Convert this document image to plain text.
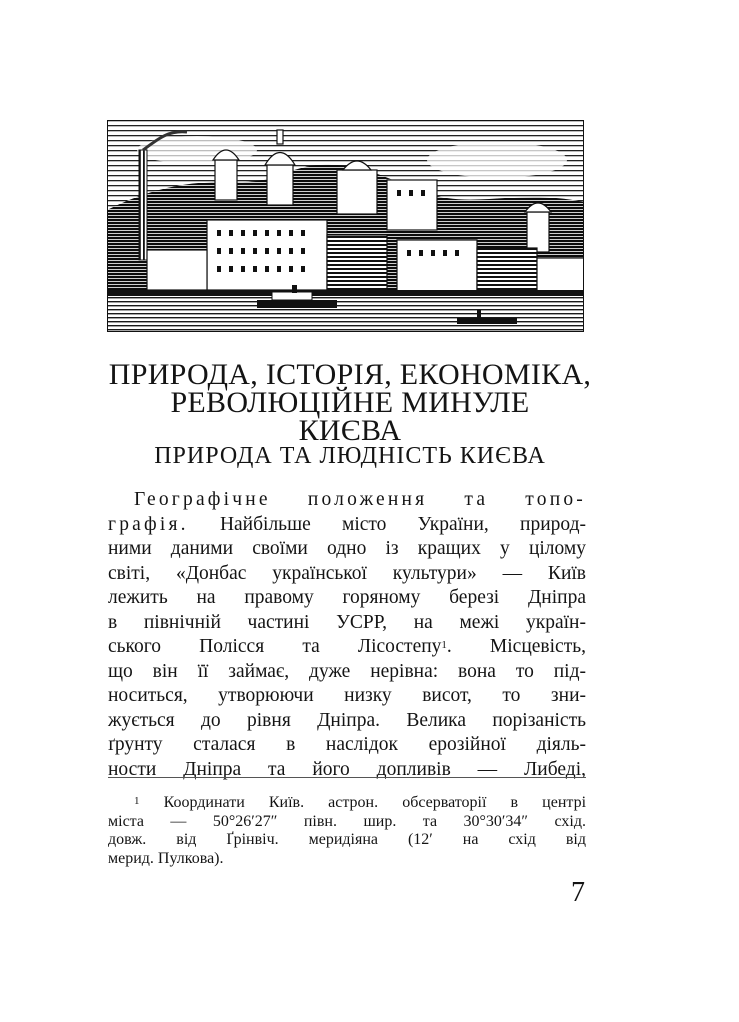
ПРИРОДА, ІСТОРІЯ, ЕКОНОМІКА,
РЕВОЛЮЦІЙНЕ МИНУЛЕ
КИЄВА
ПРИРОДА ТА ЛЮДНІСТЬ КИЄВА
Географічне положення та топо-
графія. Найбільше місто України, природ-
ними даними своїми одно із кращих у цілому
світі, «Донбас української культури» — Київ
лежить на правому горяному березі Дніпра
в північній частині УСРР, на межі україн-
ського Полісся та Лісостепу$^1$. Місцевість,
що він її займає, дуже нерівна: вона то під-
носиться, утворюючи низку висот, то зни-
жується до рівня Дніпра. Велика порізаність
ґрунту сталася в наслідок ерозійної діяль-
ности Дніпра та його допливів — Либеді,
$^1$ Координати Київ. астрон. обсерваторії в центрі
міста — 50°26′27″ півн. шир. та 30°30′34″ схід.
довж. від Ґрінвіч. меридіяна (12′ на схід від
мерид. Пулкова).
7
